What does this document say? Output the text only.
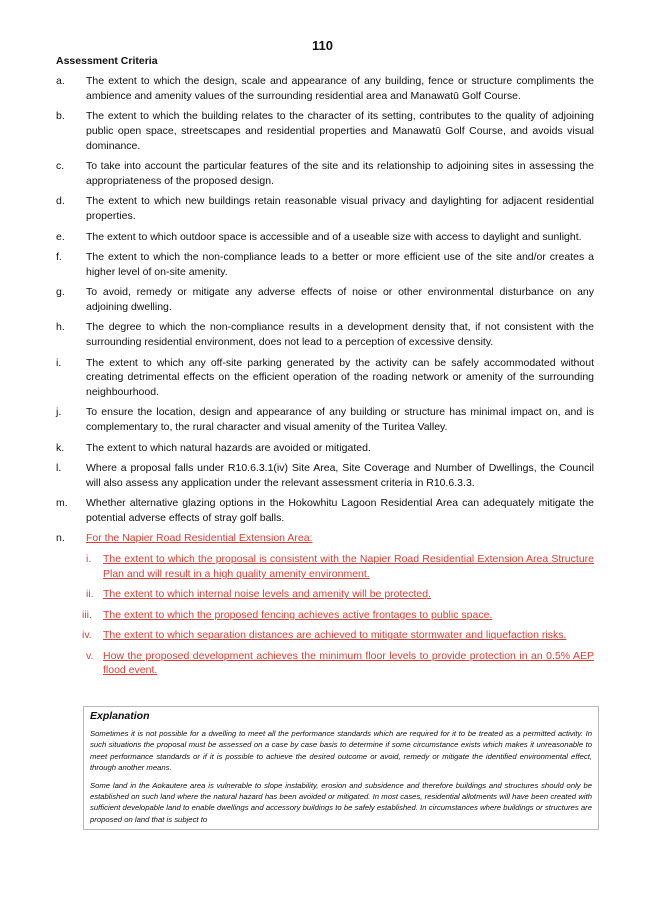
110
Assessment Criteria
a.	The extent to which the design, scale and appearance of any building, fence or structure compliments the ambience and amenity values of the surrounding residential area and Manawatū Golf Course.
b.	The extent to which the building relates to the character of its setting, contributes to the quality of adjoining public open space, streetscapes and residential properties and Manawatū Golf Course, and avoids visual dominance.
c.	To take into account the particular features of the site and its relationship to adjoining sites in assessing the appropriateness of the proposed design.
d.	The extent to which new buildings retain reasonable visual privacy and daylighting for adjacent residential properties.
e.	The extent to which outdoor space is accessible and of a useable size with access to daylight and sunlight.
f.	The extent to which the non-compliance leads to a better or more efficient use of the site and/or creates a higher level of on-site amenity.
g.	To avoid, remedy or mitigate any adverse effects of noise or other environmental disturbance on any adjoining dwelling.
h.	The degree to which the non-compliance results in a development density that, if not consistent with the surrounding residential environment, does not lead to a perception of excessive density.
i.	The extent to which any off-site parking generated by the activity can be safely accommodated without creating detrimental effects on the efficient operation of the roading network or amenity of the surrounding neighbourhood.
j.	To ensure the location, design and appearance of any building or structure has minimal impact on, and is complementary to, the rural character and visual amenity of the Turitea Valley.
k.	The extent to which natural hazards are avoided or mitigated.
l.	Where a proposal falls under R10.6.3.1(iv) Site Area, Site Coverage and Number of Dwellings, the Council will also assess any application under the relevant assessment criteria in R10.6.3.3.
m.	Whether alternative glazing options in the Hokowhitu Lagoon Residential Area can adequately mitigate the potential adverse effects of stray golf balls.
n.	For the Napier Road Residential Extension Area:
i.	The extent to which the proposal is consistent with the Napier Road Residential Extension Area Structure Plan and will result in a high quality amenity environment.
ii. The extent to which internal noise levels and amenity will be protected.
iii.	The extent to which the proposed fencing achieves active frontages to public space.
iv.	The extent to which separation distances are achieved to mitigate stormwater and liquefaction risks.
v. How the proposed development achieves the minimum floor levels to provide protection in an 0.5% AEP flood event.
Explanation

Sometimes it is not possible for a dwelling to meet all the performance standards which are required for it to be treated as a permitted activity. In such situations the proposal must be assessed on a case by case basis to determine if some circumstance exists which makes it unreasonable to meet performance standards or if it is possible to achieve the desired outcome or avoid, remedy or mitigate the identified environmental effect, through another means.

Some land in the Aokautere area is vulnerable to slope instability, erosion and subsidence and therefore buildings and structures should only be established on such land where the natural hazard has been avoided or mitigated. In most cases, residential allotments will have been created with sufficient developable land to enable dwellings and accessory buildings to be safely established. In circumstances where buildings or structures are proposed on land that is subject to
